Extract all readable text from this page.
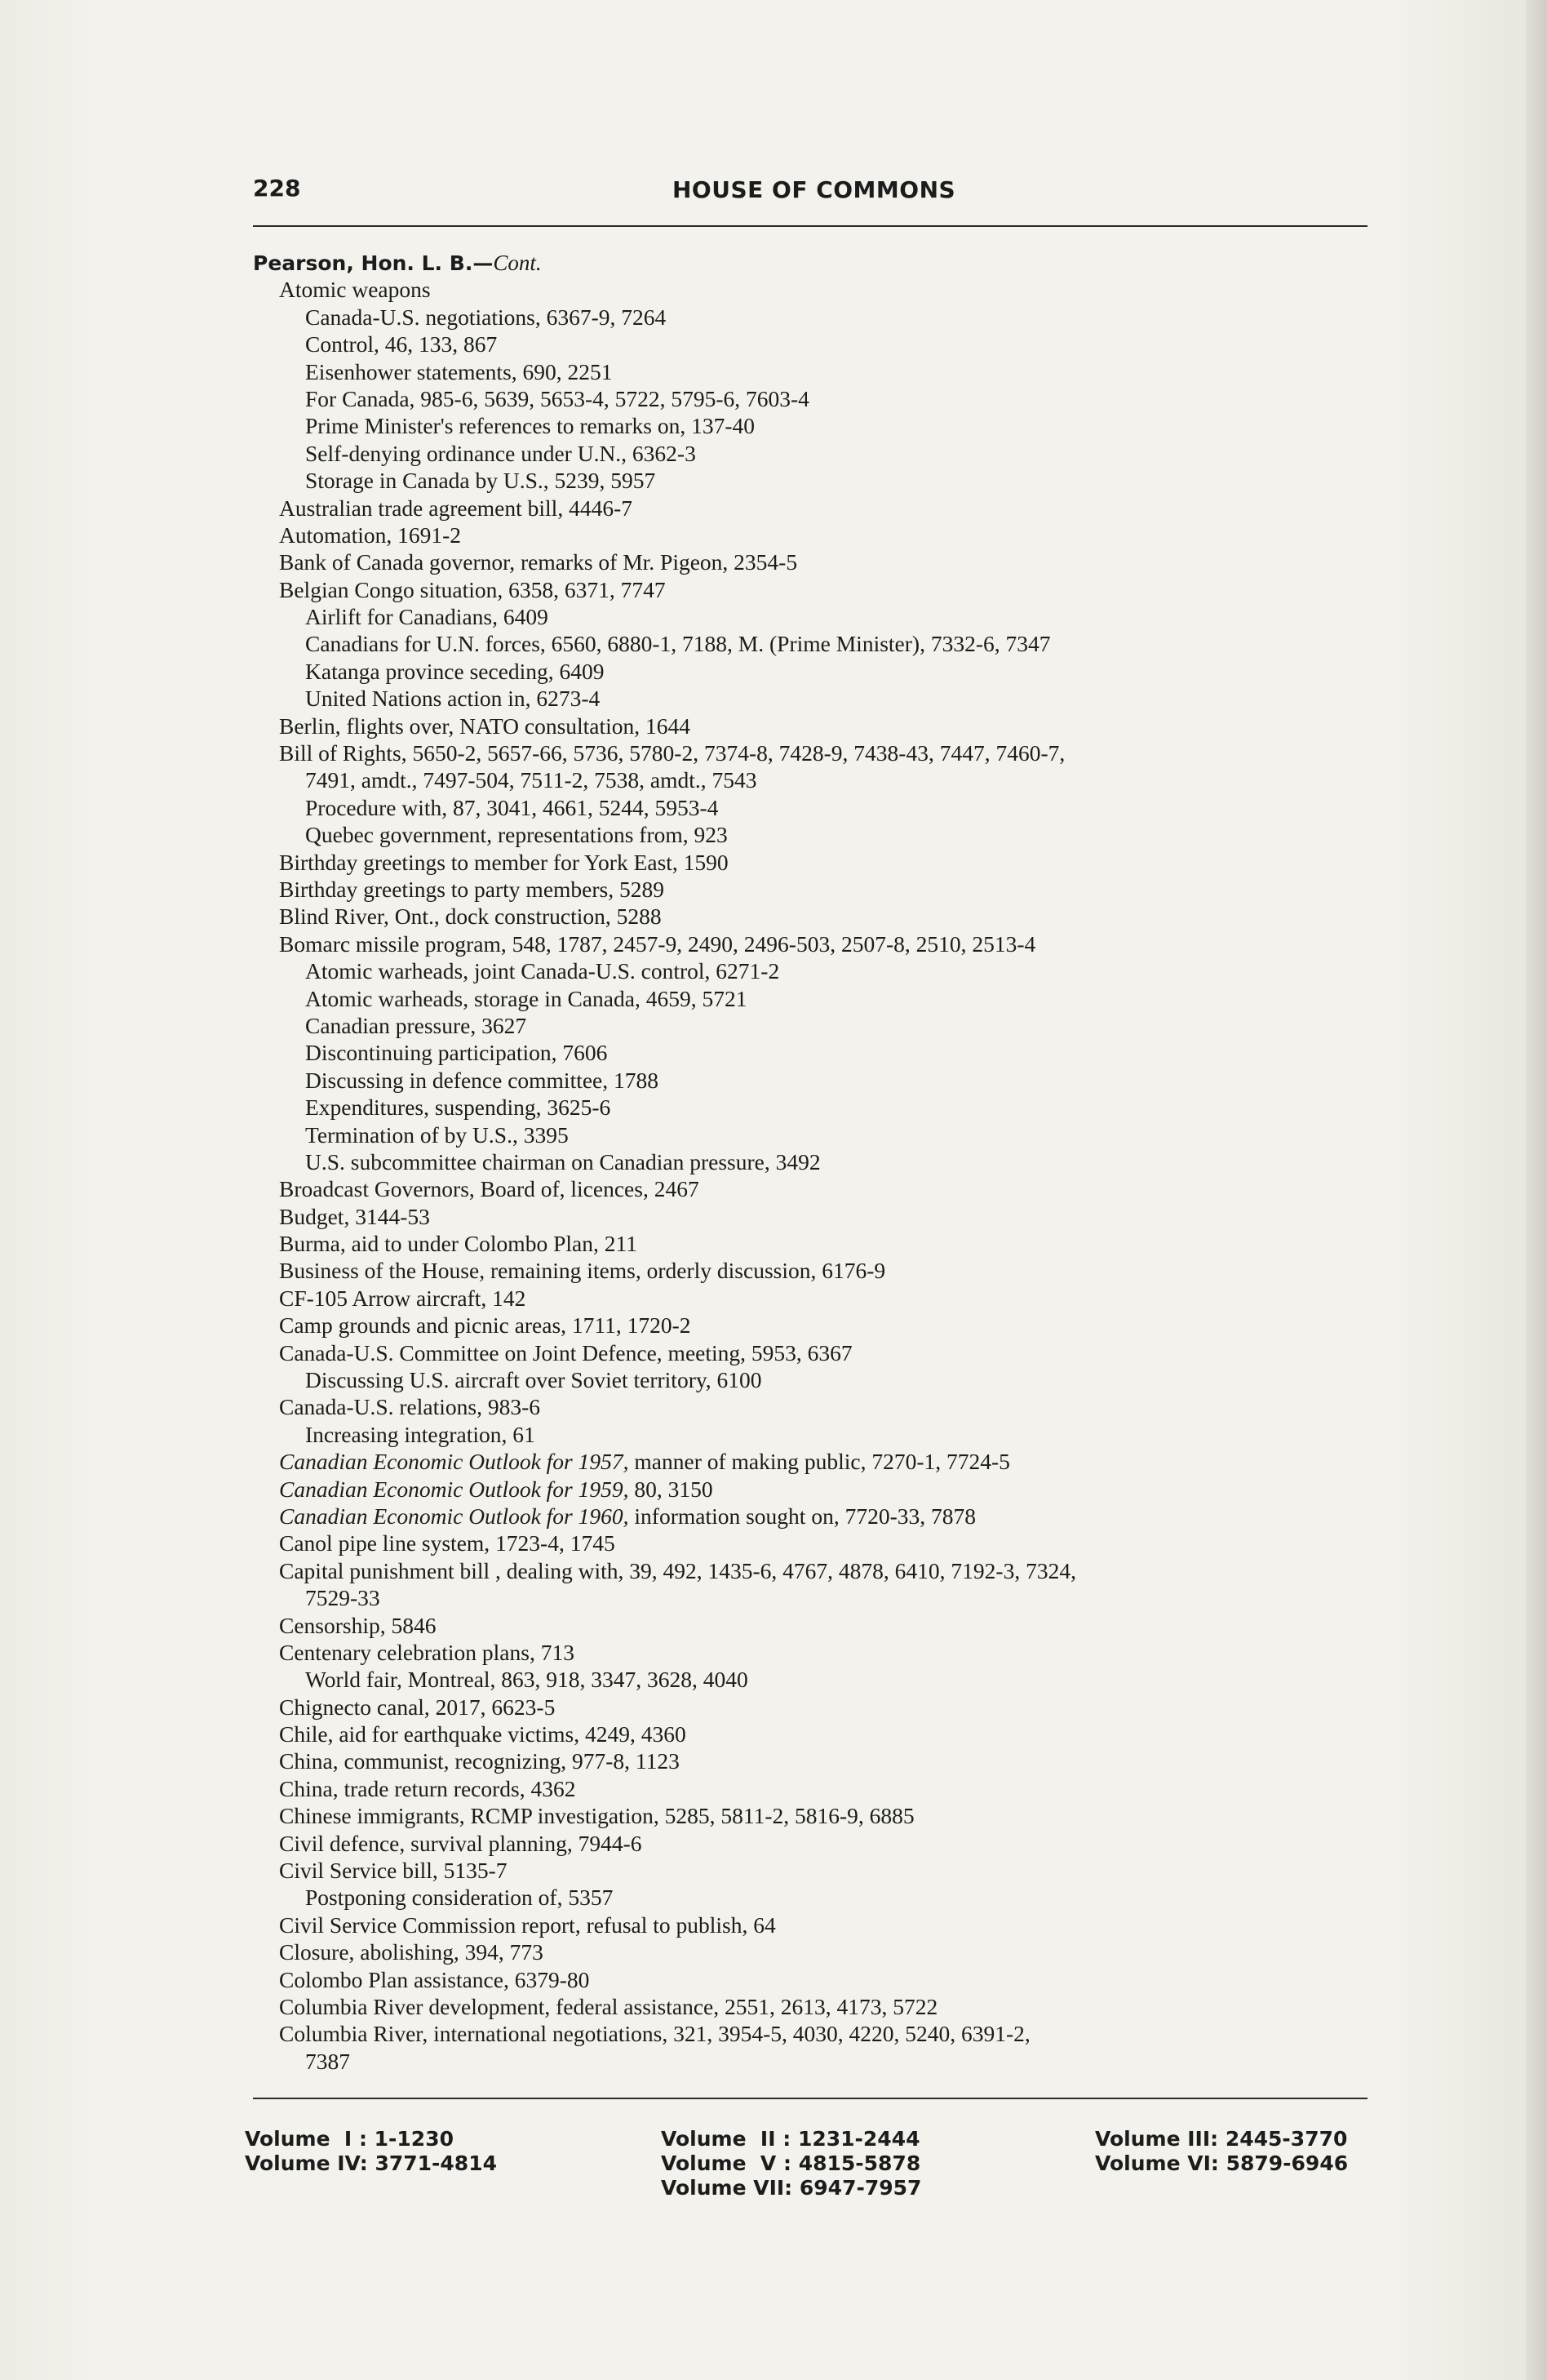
228	HOUSE OF COMMONS
Pearson, Hon. L. B.—Cont.
Atomic weapons
Canada-U.S. negotiations, 6367-9, 7264
Control, 46, 133, 867
Eisenhower statements, 690, 2251
For Canada, 985-6, 5639, 5653-4, 5722, 5795-6, 7603-4
Prime Minister's references to remarks on, 137-40
Self-denying ordinance under U.N., 6362-3
Storage in Canada by U.S., 5239, 5957
Australian trade agreement bill, 4446-7
Automation, 1691-2
Bank of Canada governor, remarks of Mr. Pigeon, 2354-5
Belgian Congo situation, 6358, 6371, 7747
Airlift for Canadians, 6409
Canadians for U.N. forces, 6560, 6880-1, 7188, M. (Prime Minister), 7332-6, 7347
Katanga province seceding, 6409
United Nations action in, 6273-4
Berlin, flights over, NATO consultation, 1644
Bill of Rights, 5650-2, 5657-66, 5736, 5780-2, 7374-8, 7428-9, 7438-43, 7447, 7460-7,
7491, amdt., 7497-504, 7511-2, 7538, amdt., 7543
Procedure with, 87, 3041, 4661, 5244, 5953-4
Quebec government, representations from, 923
Birthday greetings to member for York East, 1590
Birthday greetings to party members, 5289
Blind River, Ont., dock construction, 5288
Bomarc missile program, 548, 1787, 2457-9, 2490, 2496-503, 2507-8, 2510, 2513-4
Atomic warheads, joint Canada-U.S. control, 6271-2
Atomic warheads, storage in Canada, 4659, 5721
Canadian pressure, 3627
Discontinuing participation, 7606
Discussing in defence committee, 1788
Expenditures, suspending, 3625-6
Termination of by U.S., 3395
U.S. subcommittee chairman on Canadian pressure, 3492
Broadcast Governors, Board of, licences, 2467
Budget, 3144-53
Burma, aid to under Colombo Plan, 211
Business of the House, remaining items, orderly discussion, 6176-9
CF-105 Arrow aircraft, 142
Camp grounds and picnic areas, 1711, 1720-2
Canada-U.S. Committee on Joint Defence, meeting, 5953, 6367
Discussing U.S. aircraft over Soviet territory, 6100
Canada-U.S. relations, 983-6
Increasing integration, 61
Canadian Economic Outlook for 1957, manner of making public, 7270-1, 7724-5
Canadian Economic Outlook for 1959, 80, 3150
Canadian Economic Outlook for 1960, information sought on, 7720-33, 7878
Canol pipe line system, 1723-4, 1745
Capital punishment bill , dealing with, 39, 492, 1435-6, 4767, 4878, 6410, 7192-3, 7324,
7529-33
Censorship, 5846
Centenary celebration plans, 713
World fair, Montreal, 863, 918, 3347, 3628, 4040
Chignecto canal, 2017, 6623-5
Chile, aid for earthquake victims, 4249, 4360
China, communist, recognizing, 977-8, 1123
China, trade return records, 4362
Chinese immigrants, RCMP investigation, 5285, 5811-2, 5816-9, 6885
Civil defence, survival planning, 7944-6
Civil Service bill, 5135-7
Postponing consideration of, 5357
Civil Service Commission report, refusal to publish, 64
Closure, abolishing, 394, 773
Colombo Plan assistance, 6379-80
Columbia River development, federal assistance, 2551, 2613, 4173, 5722
Columbia River, international negotiations, 321, 3954-5, 4030, 4220, 5240, 6391-2,
7387
Volume  I : 1-1230
Volume IV: 3771-4814
Volume  II : 1231-2444
Volume  V : 4815-5878
Volume VII: 6947-7957
Volume III: 2445-3770
Volume VI: 5879-6946
